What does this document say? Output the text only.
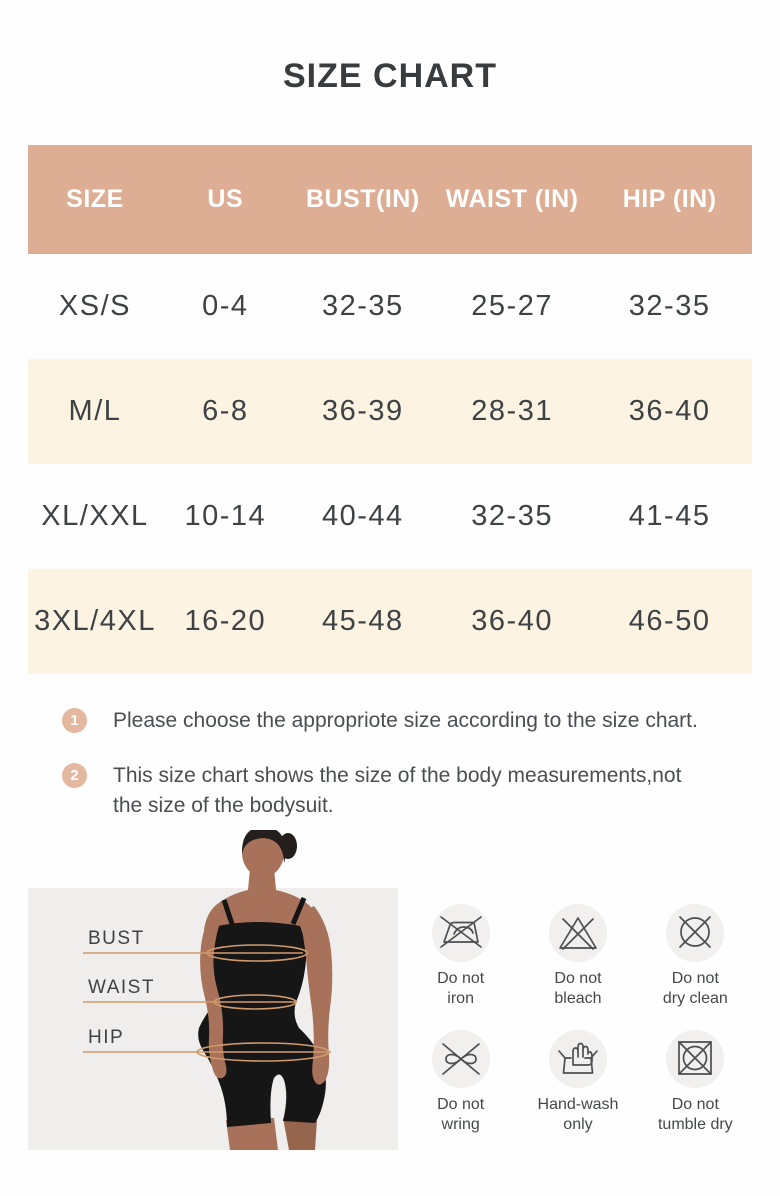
SIZE CHART
SIZE	US	BUST(IN)	WAIST (IN)	HIP (IN)
XS/S	0-4	32-35	25-27	32-35
M/L	6-8	36-39	28-31	36-40
XL/XXL	10-14	40-44	32-35	41-45
3XL/4XL	16-20	45-48	36-40	46-50
1	Please choose the appropriote size according to the size chart.
2	This size chart shows the size of the body measurements,not
the size of the bodysuit.
BUST
WAIST
HIP
Do not
iron
Do not
bleach
Do not
dry clean
Do not
wring
Hand-wash
only
Do not
tumble dry
